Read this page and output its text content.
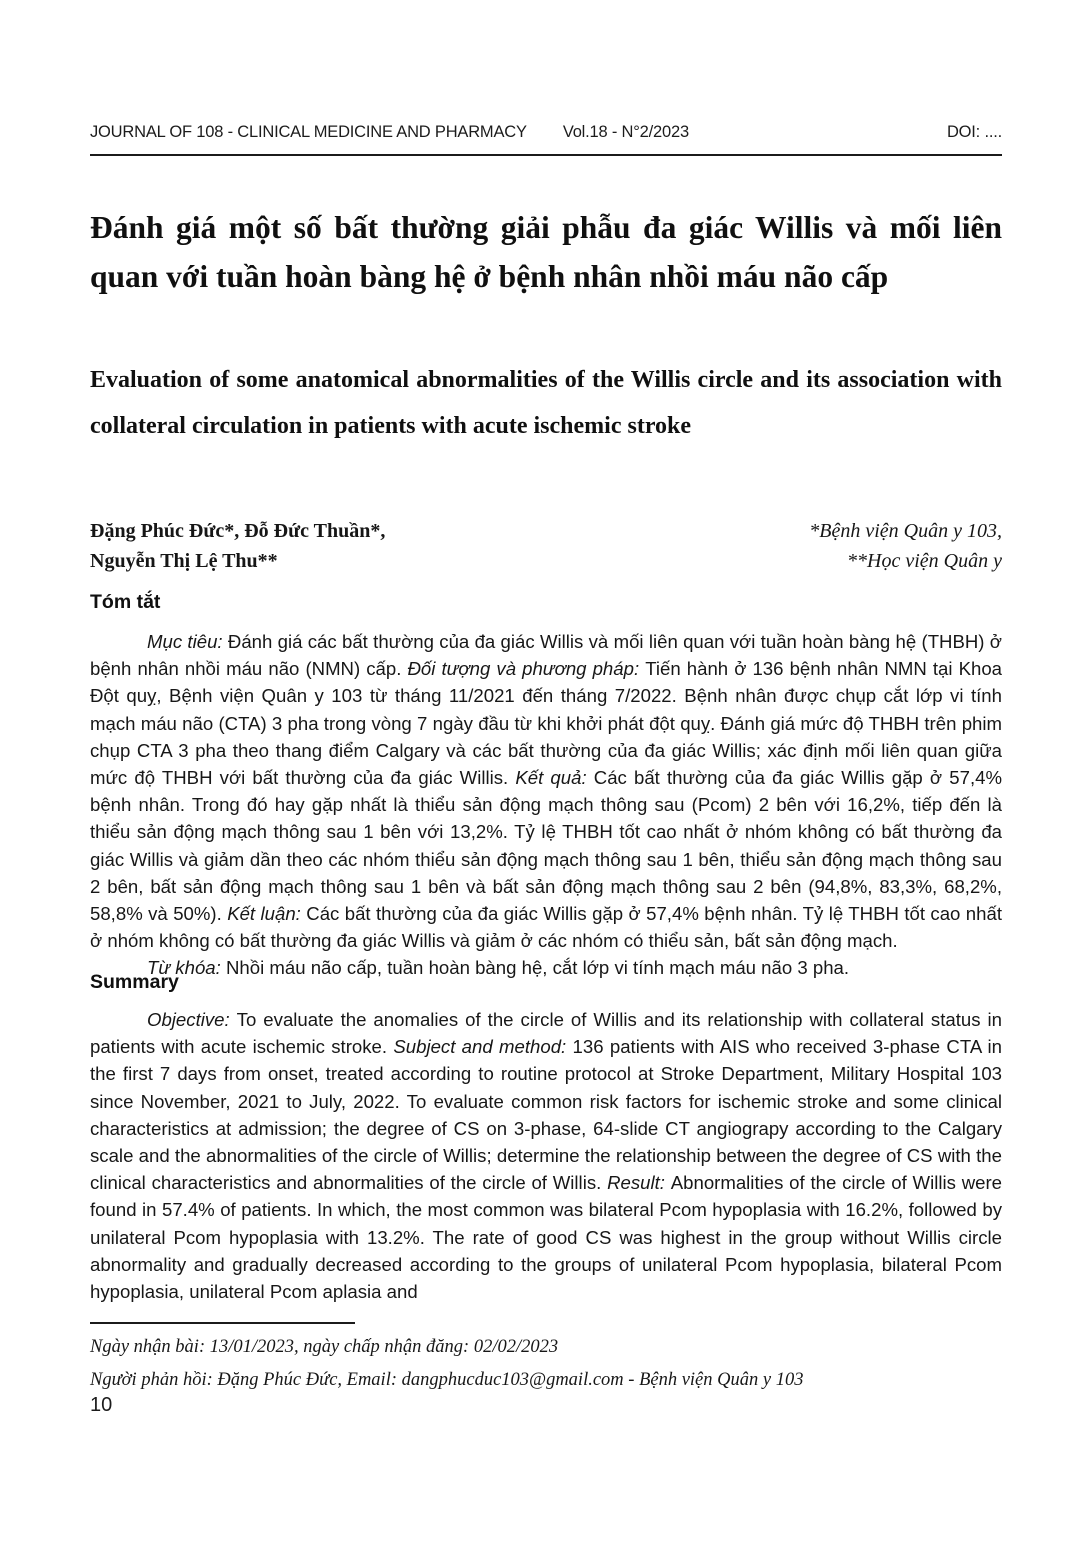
JOURNAL OF 108 - CLINICAL MEDICINE AND PHARMACY Vol.18 - N°2/2023	DOI: ....
Đánh giá một số bất thường giải phẫu đa giác Willis và mối liên quan với tuần hoàn bàng hệ ở bệnh nhân nhồi máu não cấp
Evaluation of some anatomical abnormalities of the Willis circle and its association with collateral circulation in patients with acute ischemic stroke
Đặng Phúc Đức*, Đỗ Đức Thuần*,
Nguyễn Thị Lệ Thu**
*Bệnh viện Quân y 103,
**Học viện Quân y
Tóm tắt

Mục tiêu: Đánh giá các bất thường của đa giác Willis và mối liên quan với tuần hoàn bàng hệ (THBH) ở bệnh nhân nhồi máu não (NMN) cấp. Đối tượng và phương pháp: Tiến hành ở 136 bệnh nhân NMN tại Khoa Đột quỵ, Bệnh viện Quân y 103 từ tháng 11/2021 đến tháng 7/2022. Bệnh nhân được chụp cắt lớp vi tính mạch máu não (CTA) 3 pha trong vòng 7 ngày đầu từ khi khởi phát đột quỵ. Đánh giá mức độ THBH trên phim chụp CTA 3 pha theo thang điểm Calgary và các bất thường của đa giác Willis; xác định mối liên quan giữa mức độ THBH với bất thường của đa giác Willis. Kết quả: Các bất thường của đa giác Willis gặp ở 57,4% bệnh nhân. Trong đó hay gặp nhất là thiểu sản động mạch thông sau (Pcom) 2 bên với 16,2%, tiếp đến là thiểu sản động mạch thông sau 1 bên với 13,2%. Tỷ lệ THBH tốt cao nhất ở nhóm không có bất thường đa giác Willis và giảm dần theo các nhóm thiểu sản động mạch thông sau 1 bên, thiểu sản động mạch thông sau 2 bên, bất sản động mạch thông sau 1 bên và bất sản động mạch thông sau 2 bên (94,8%, 83,3%, 68,2%, 58,8% và 50%). Kết luận: Các bất thường của đa giác Willis gặp ở 57,4% bệnh nhân. Tỷ lệ THBH tốt cao nhất ở nhóm không có bất thường đa giác Willis và giảm ở các nhóm có thiểu sản, bất sản động mạch.

Từ khóa: Nhồi máu não cấp, tuần hoàn bàng hệ, cắt lớp vi tính mạch máu não 3 pha.

Summary

Objective: To evaluate the anomalies of the circle of Willis and its relationship with collateral status in patients with acute ischemic stroke. Subject and method: 136 patients with AIS who received 3-phase CTA in the first 7 days from onset, treated according to routine protocol at Stroke Department, Military Hospital 103 since November, 2021 to July, 2022. To evaluate common risk factors for ischemic stroke and some clinical characteristics at admission; the degree of CS on 3-phase, 64-slide CT angiograpy according to the Calgary scale and the abnormalities of the circle of Willis; determine the relationship between the degree of CS with the clinical characteristics and abnormalities of the circle of Willis. Result: Abnormalities of the circle of Willis were found in 57.4% of patients. In which, the most common was bilateral Pcom hypoplasia with 16.2%, followed by unilateral Pcom hypoplasia with 13.2%. The rate of good CS was highest in the group without Willis circle abnormality and gradually decreased according to the groups of unilateral Pcom hypoplasia, bilateral Pcom hypoplasia, unilateral Pcom aplasia and

Ngày nhận bài: 13/01/2023, ngày chấp nhận đăng: 02/02/2023
Người phản hồi: Đặng Phúc Đức, Email: dangphucduc103@gmail.com - Bệnh viện Quân y 103
10
